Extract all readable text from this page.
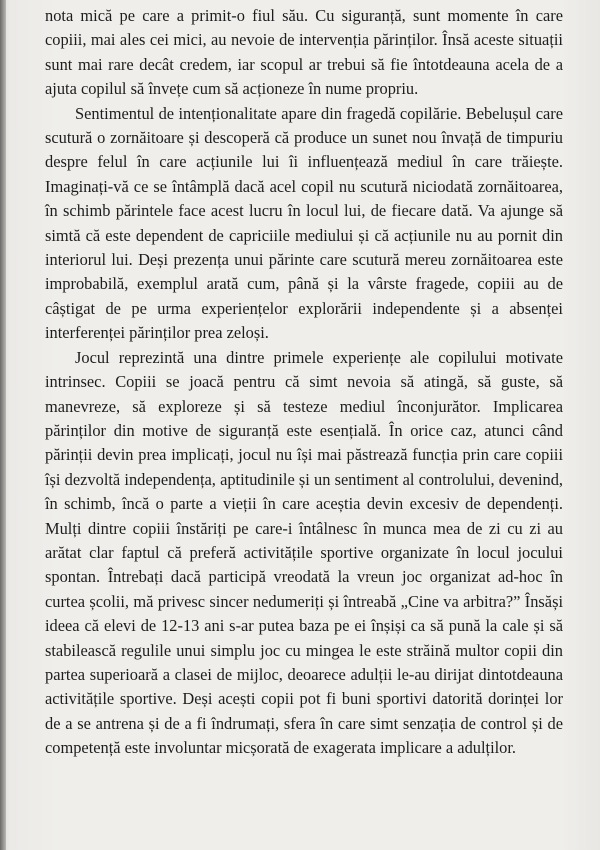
nota mică pe care a primit-o fiul său. Cu siguranță, sunt momente în care copiii, mai ales cei mici, au nevoie de intervenția părinților. Însă aceste situații sunt mai rare decât credem, iar scopul ar trebui să fie întotdeauna acela de a ajuta copilul să învețe cum să acționeze în nume propriu.

Sentimentul de intenționalitate apare din fragedă copilărie. Bebelușul care scutură o zornăitoare și descoperă că produce un sunet nou învață de timpuriu despre felul în care acțiunile lui îi influențează mediul în care trăiește. Imaginați-vă ce se întâmplă dacă acel copil nu scutură niciodată zornăitoarea, în schimb părintele face acest lucru în locul lui, de fiecare dată. Va ajunge să simtă că este dependent de capriciile mediului și că acțiunile nu au pornit din interiorul lui. Deși prezența unui părinte care scutură mereu zornăitoarea este improbabilă, exemplul arată cum, până și la vârste fragede, copiii au de câștigat de pe urma experiențelor explorării independente și a absenței interferenței părinților prea zeloși.

Jocul reprezintă una dintre primele experiențe ale copilului motivate intrinsec. Copiii se joacă pentru că simt nevoia să atingă, să guste, să manevreze, să exploreze și să testeze mediul înconjurător. Implicarea părinților din motive de siguranță este esențială. În orice caz, atunci când părinții devin prea implicați, jocul nu își mai păstrează funcția prin care copiii își dezvoltă independența, aptitudinile și un sentiment al controlului, devenind, în schimb, încă o parte a vieții în care aceștia devin excesiv de dependenți. Mulți dintre copiii înstăriți pe care-i întâlnesc în munca mea de zi cu zi au arătat clar faptul că preferă activitățile sportive organizate în locul jocului spontan. Întrebați dacă participă vreodată la vreun joc organizat ad-hoc în curtea școlii, mă privesc sincer nedumeriți și întreabă „Cine va arbitra?” Însăși ideea că elevi de 12-13 ani s-ar putea baza pe ei înșiși ca să pună la cale și să stabilească regulile unui simplu joc cu mingea le este străină multor copii din partea superioară a clasei de mijloc, deoarece adulții le-au dirijat dintotdeauna activitățile sportive. Deși acești copii pot fi buni sportivi datorită dorinței lor de a se antrena și de a fi îndrumați, sfera în care simt senzația de control și de competență este involuntar micșorată de exagerata implicare a adulților.
